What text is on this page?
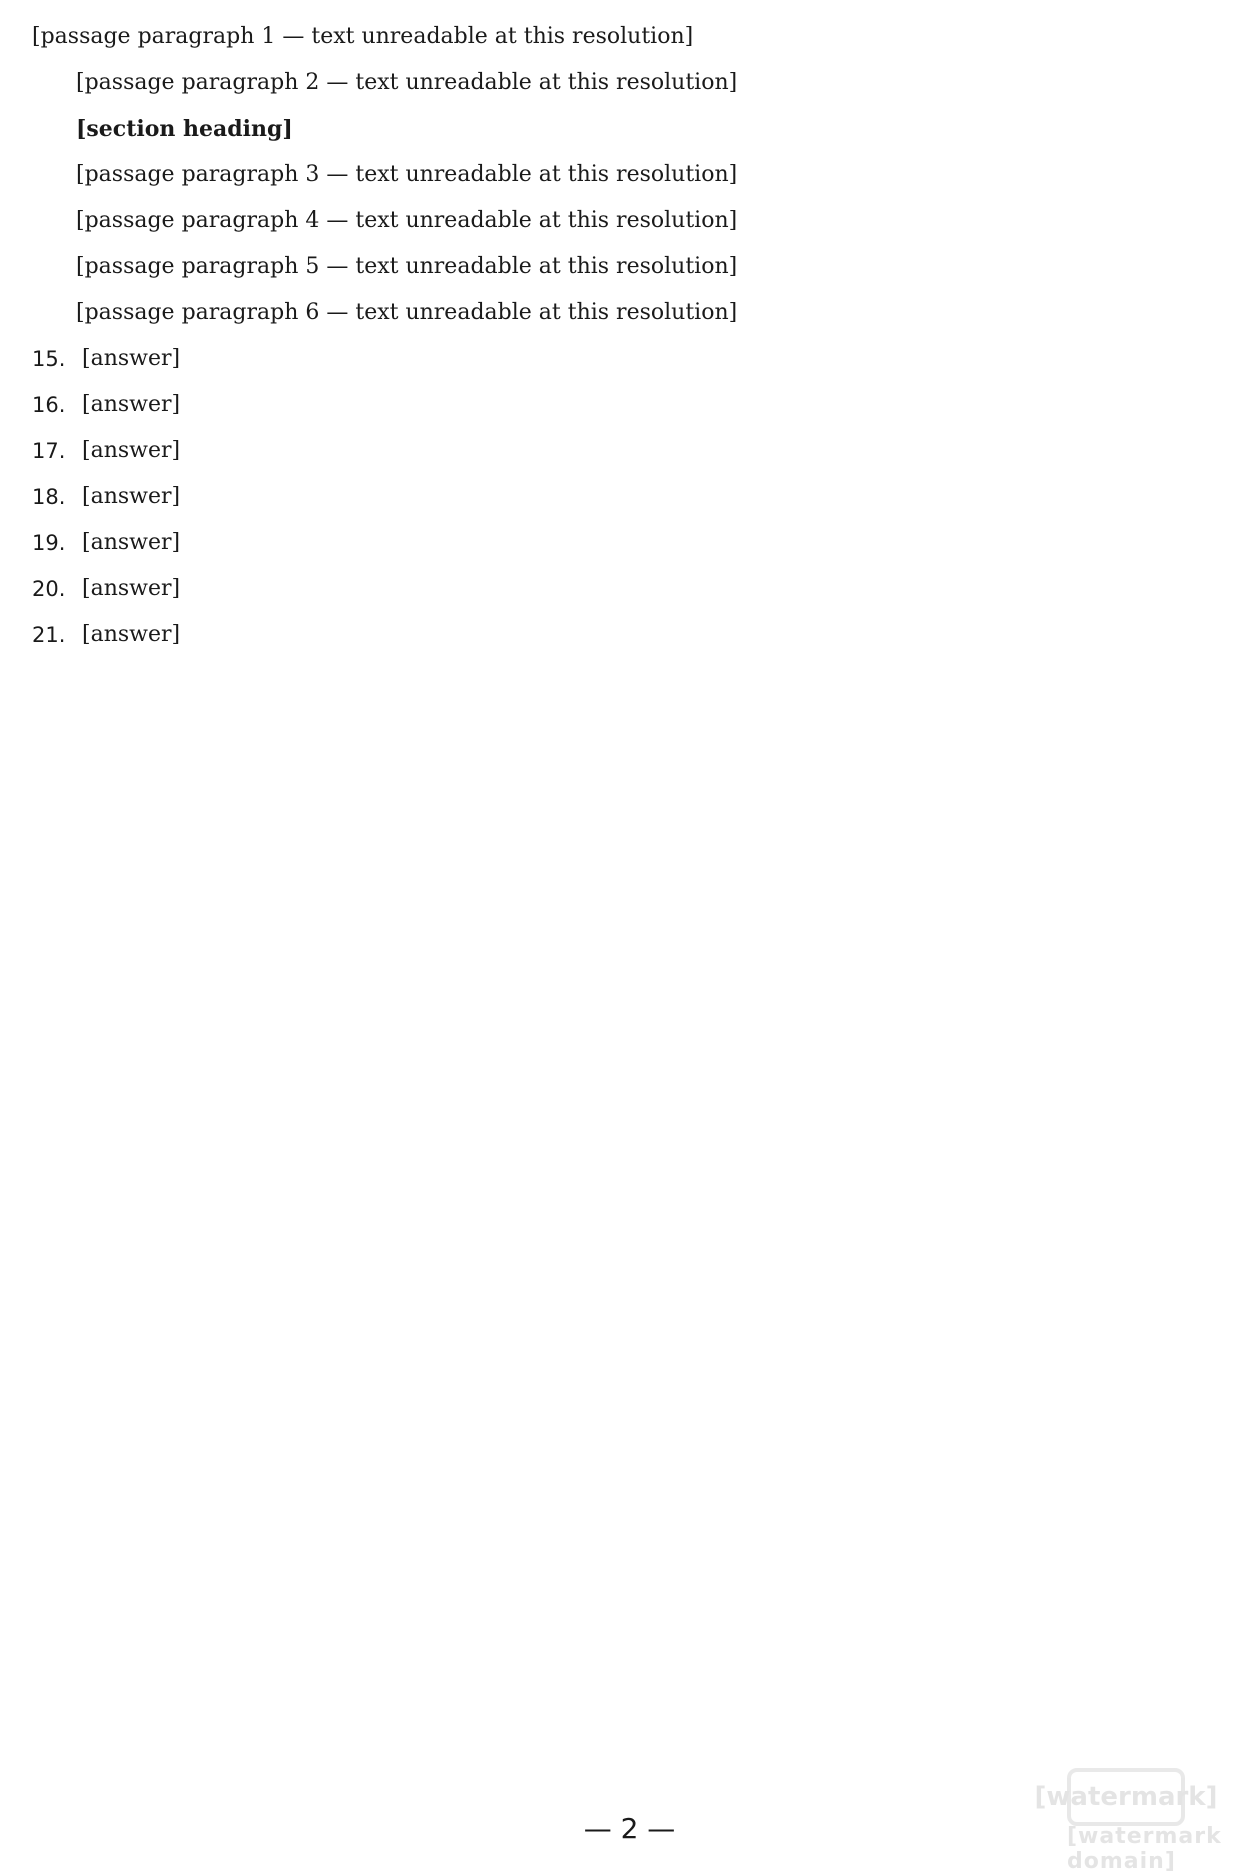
[passage paragraph 1 — text unreadable at this resolution]

[passage paragraph 2 — text unreadable at this resolution]

[section heading]

[passage paragraph 3 — text unreadable at this resolution]

[passage paragraph 4 — text unreadable at this resolution]

[passage paragraph 5 — text unreadable at this resolution]

[passage paragraph 6 — text unreadable at this resolution]

15. [answer]
16. [answer]
17. [answer]
18. [answer]
19. [answer]
20. [answer]
21. [answer]
— 2 —
[watermark]
[watermark domain]
